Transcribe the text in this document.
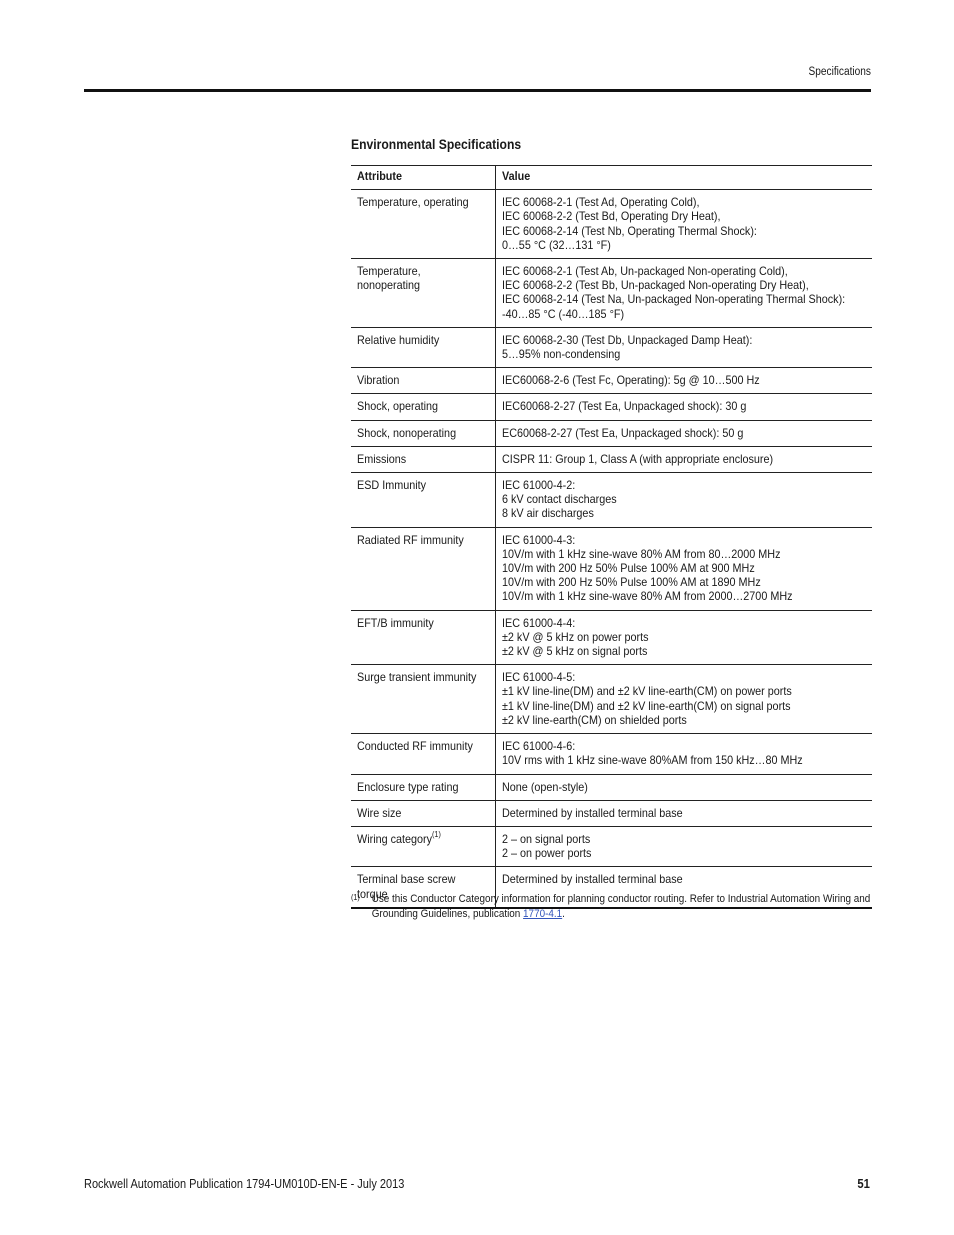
Specifications
Environmental Specifications
Attribute	Value

Temperature, operating	IEC 60068-2-1 (Test Ad, Operating Cold),
IEC 60068-2-2 (Test Bd, Operating Dry Heat),
IEC 60068-2-14 (Test Nb, Operating Thermal Shock):
0…55 °C (32…131 °F)

Temperature,
nonoperating	IEC 60068-2-1 (Test Ab, Un-packaged Non-operating Cold),
IEC 60068-2-2 (Test Bb, Un-packaged Non-operating Dry Heat),
IEC 60068-2-14 (Test Na, Un-packaged Non-operating Thermal Shock):
-40…85 °C (-40…185 °F)

Relative humidity	IEC 60068-2-30 (Test Db, Unpackaged Damp Heat):
5…95% non-condensing

Vibration	IEC60068-2-6 (Test Fc, Operating): 5g @ 10…500 Hz

Shock, operating	IEC60068-2-27 (Test Ea, Unpackaged shock): 30 g

Shock, nonoperating	EC60068-2-27 (Test Ea, Unpackaged shock): 50 g

Emissions	CISPR 11: Group 1, Class A (with appropriate enclosure)

ESD Immunity	IEC 61000-4-2:
6 kV contact discharges
8 kV air discharges

Radiated RF immunity	IEC 61000-4-3:
10V/m with 1 kHz sine-wave 80% AM from 80…2000 MHz
10V/m with 200 Hz 50% Pulse 100% AM at 900 MHz
10V/m with 200 Hz 50% Pulse 100% AM at 1890 MHz
10V/m with 1 kHz sine-wave 80% AM from 2000…2700 MHz

EFT/B immunity	IEC 61000-4-4:
±2 kV @ 5 kHz on power ports
±2 kV @ 5 kHz on signal ports

Surge transient immunity	IEC 61000-4-5:
±1 kV line-line(DM) and ±2 kV line-earth(CM) on power ports
±1 kV line-line(DM) and ±2 kV line-earth(CM) on signal ports
±2 kV line-earth(CM) on shielded ports

Conducted RF immunity	IEC 61000-4-6:
10V rms with 1 kHz sine-wave 80%AM from 150 kHz…80 MHz

Enclosure type rating	None (open-style)

Wire size	Determined by installed terminal base

Wiring category$^{(1)}$	2 – on signal ports
2 – on power ports

Terminal base screw
torque	Determined by installed terminal base
(1) Use this Conductor Category information for planning conductor routing. Refer to Industrial Automation Wiring and Grounding Guidelines, publication 1770-4.1.
Rockwell Automation Publication 1794-UM010D-EN-E - July 2013	51
